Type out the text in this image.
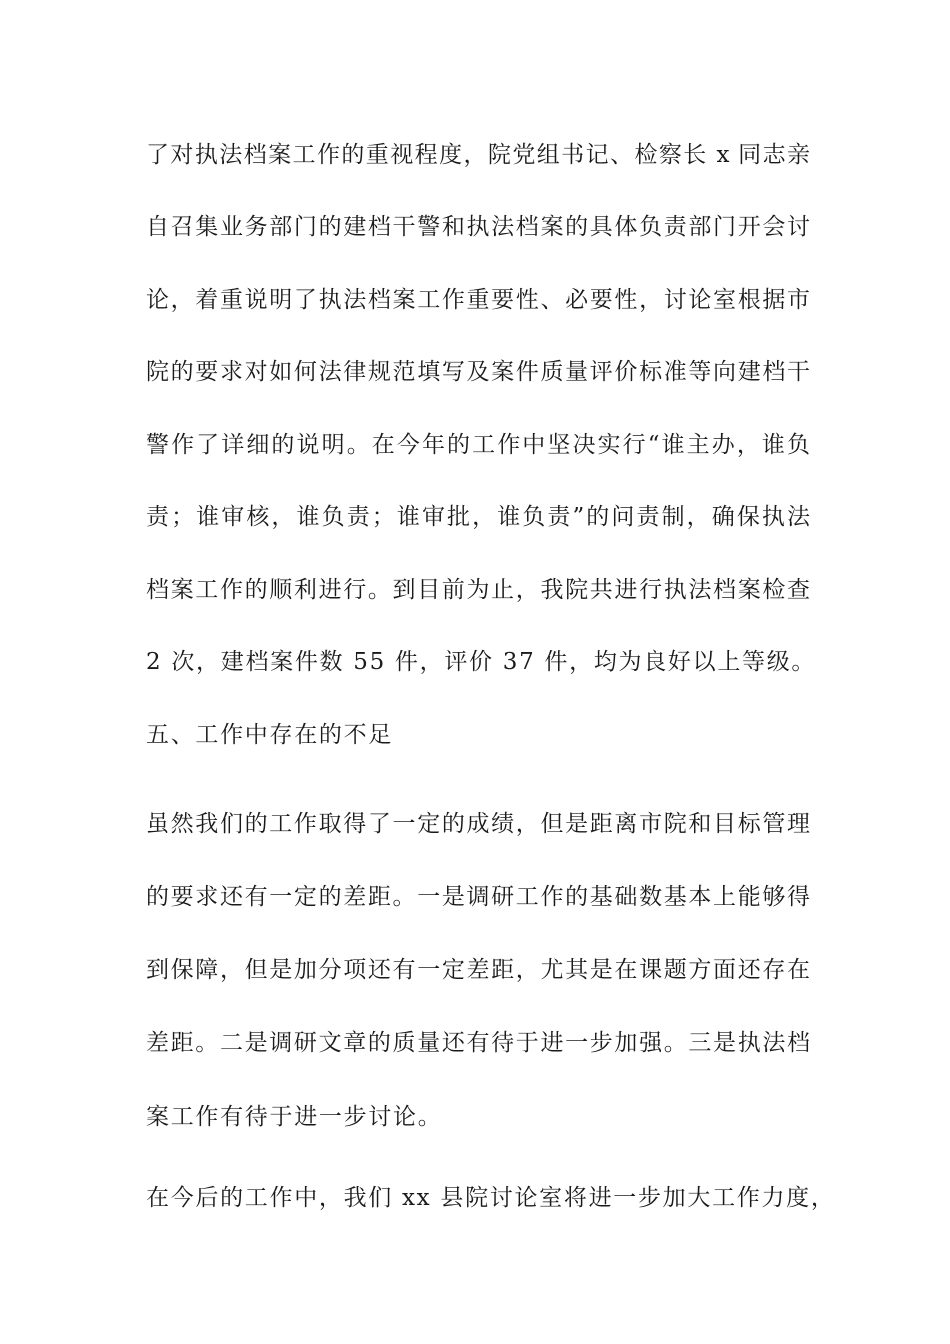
了对执法档案工作的重视程度，院党组书记、检察长 x 同志亲
自召集业务部门的建档干警和执法档案的具体负责部门开会讨
论，着重说明了执法档案工作重要性、必要性，讨论室根据市
院的要求对如何法律规范填写及案件质量评价标准等向建档干
警作了详细的说明。在今年的工作中坚决实行“谁主办，谁负
责；谁审核，谁负责；谁审批，谁负责”的问责制，确保执法
档案工作的顺利进行。到目前为止，我院共进行执法档案检查
2 次，建档案件数 55 件，评价 37 件，均为良好以上等级。
五、工作中存在的不足
虽然我们的工作取得了一定的成绩，但是距离市院和目标管理
的要求还有一定的差距。一是调研工作的基础数基本上能够得
到保障，但是加分项还有一定差距，尤其是在课题方面还存在
差距。二是调研文章的质量还有待于进一步加强。三是执法档
案工作有待于进一步讨论。
在今后的工作中，我们 xx 县院讨论室将进一步加大工作力度，
